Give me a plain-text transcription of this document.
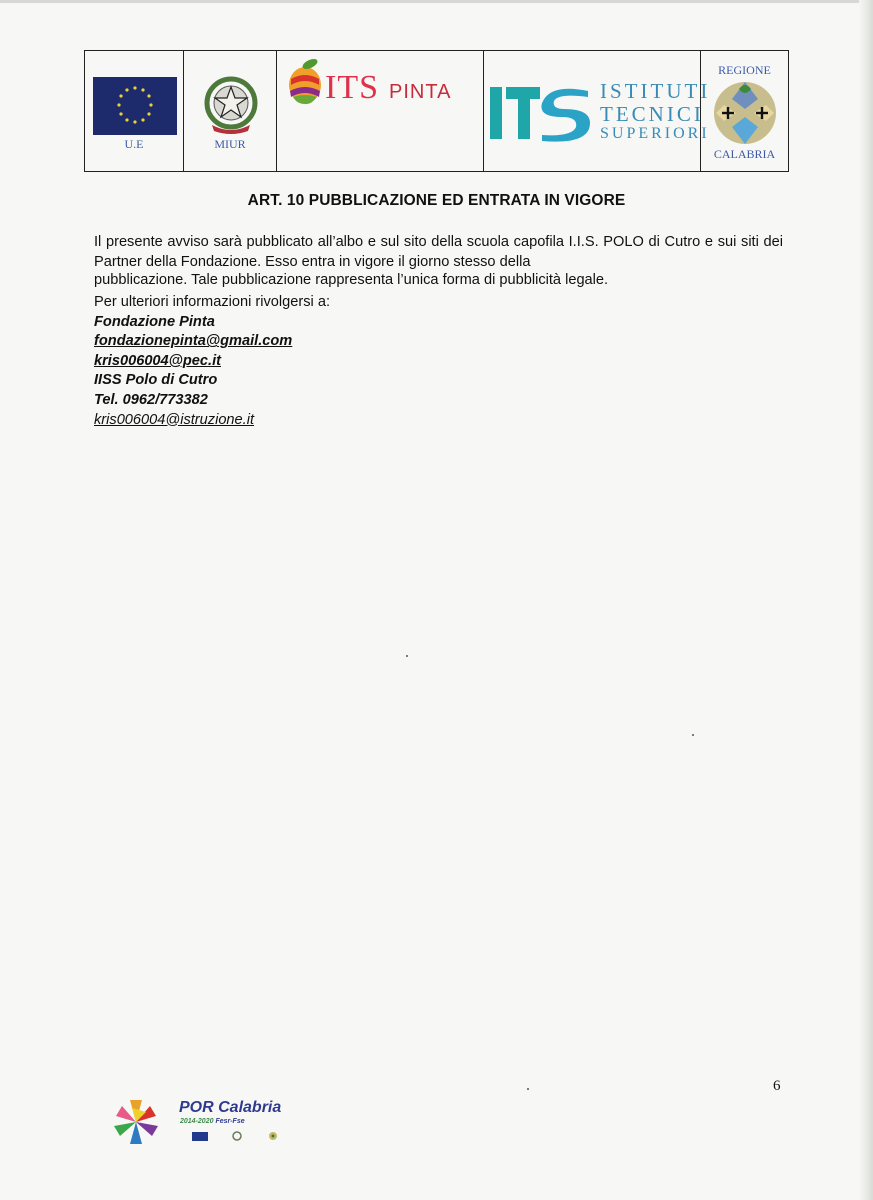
U.E	MIUR
ITS PINTA	ISTITUTI
TECNICI
SUPERIORI
REGIONE
CALABRIA
ART. 10 PUBBLICAZIONE ED ENTRATA IN VIGORE
Il presente avviso sarà pubblicato all’albo e sul sito della scuola capofila I.I.S. POLO di Cutro e sui siti dei Partner della Fondazione. Esso entra in vigore il giorno stesso della
pubblicazione. Tale pubblicazione rappresenta l’unica forma di pubblicità legale.
Per ulteriori informazioni rivolgersi a:
Fondazione Pinta
fondazionepinta@gmail.com
kris006004@pec.it
IISS Polo di Cutro
Tel. 0962/773382
kris006004@istruzione.it
6
POR Calabria
2014-2020 Fesr-Fse
